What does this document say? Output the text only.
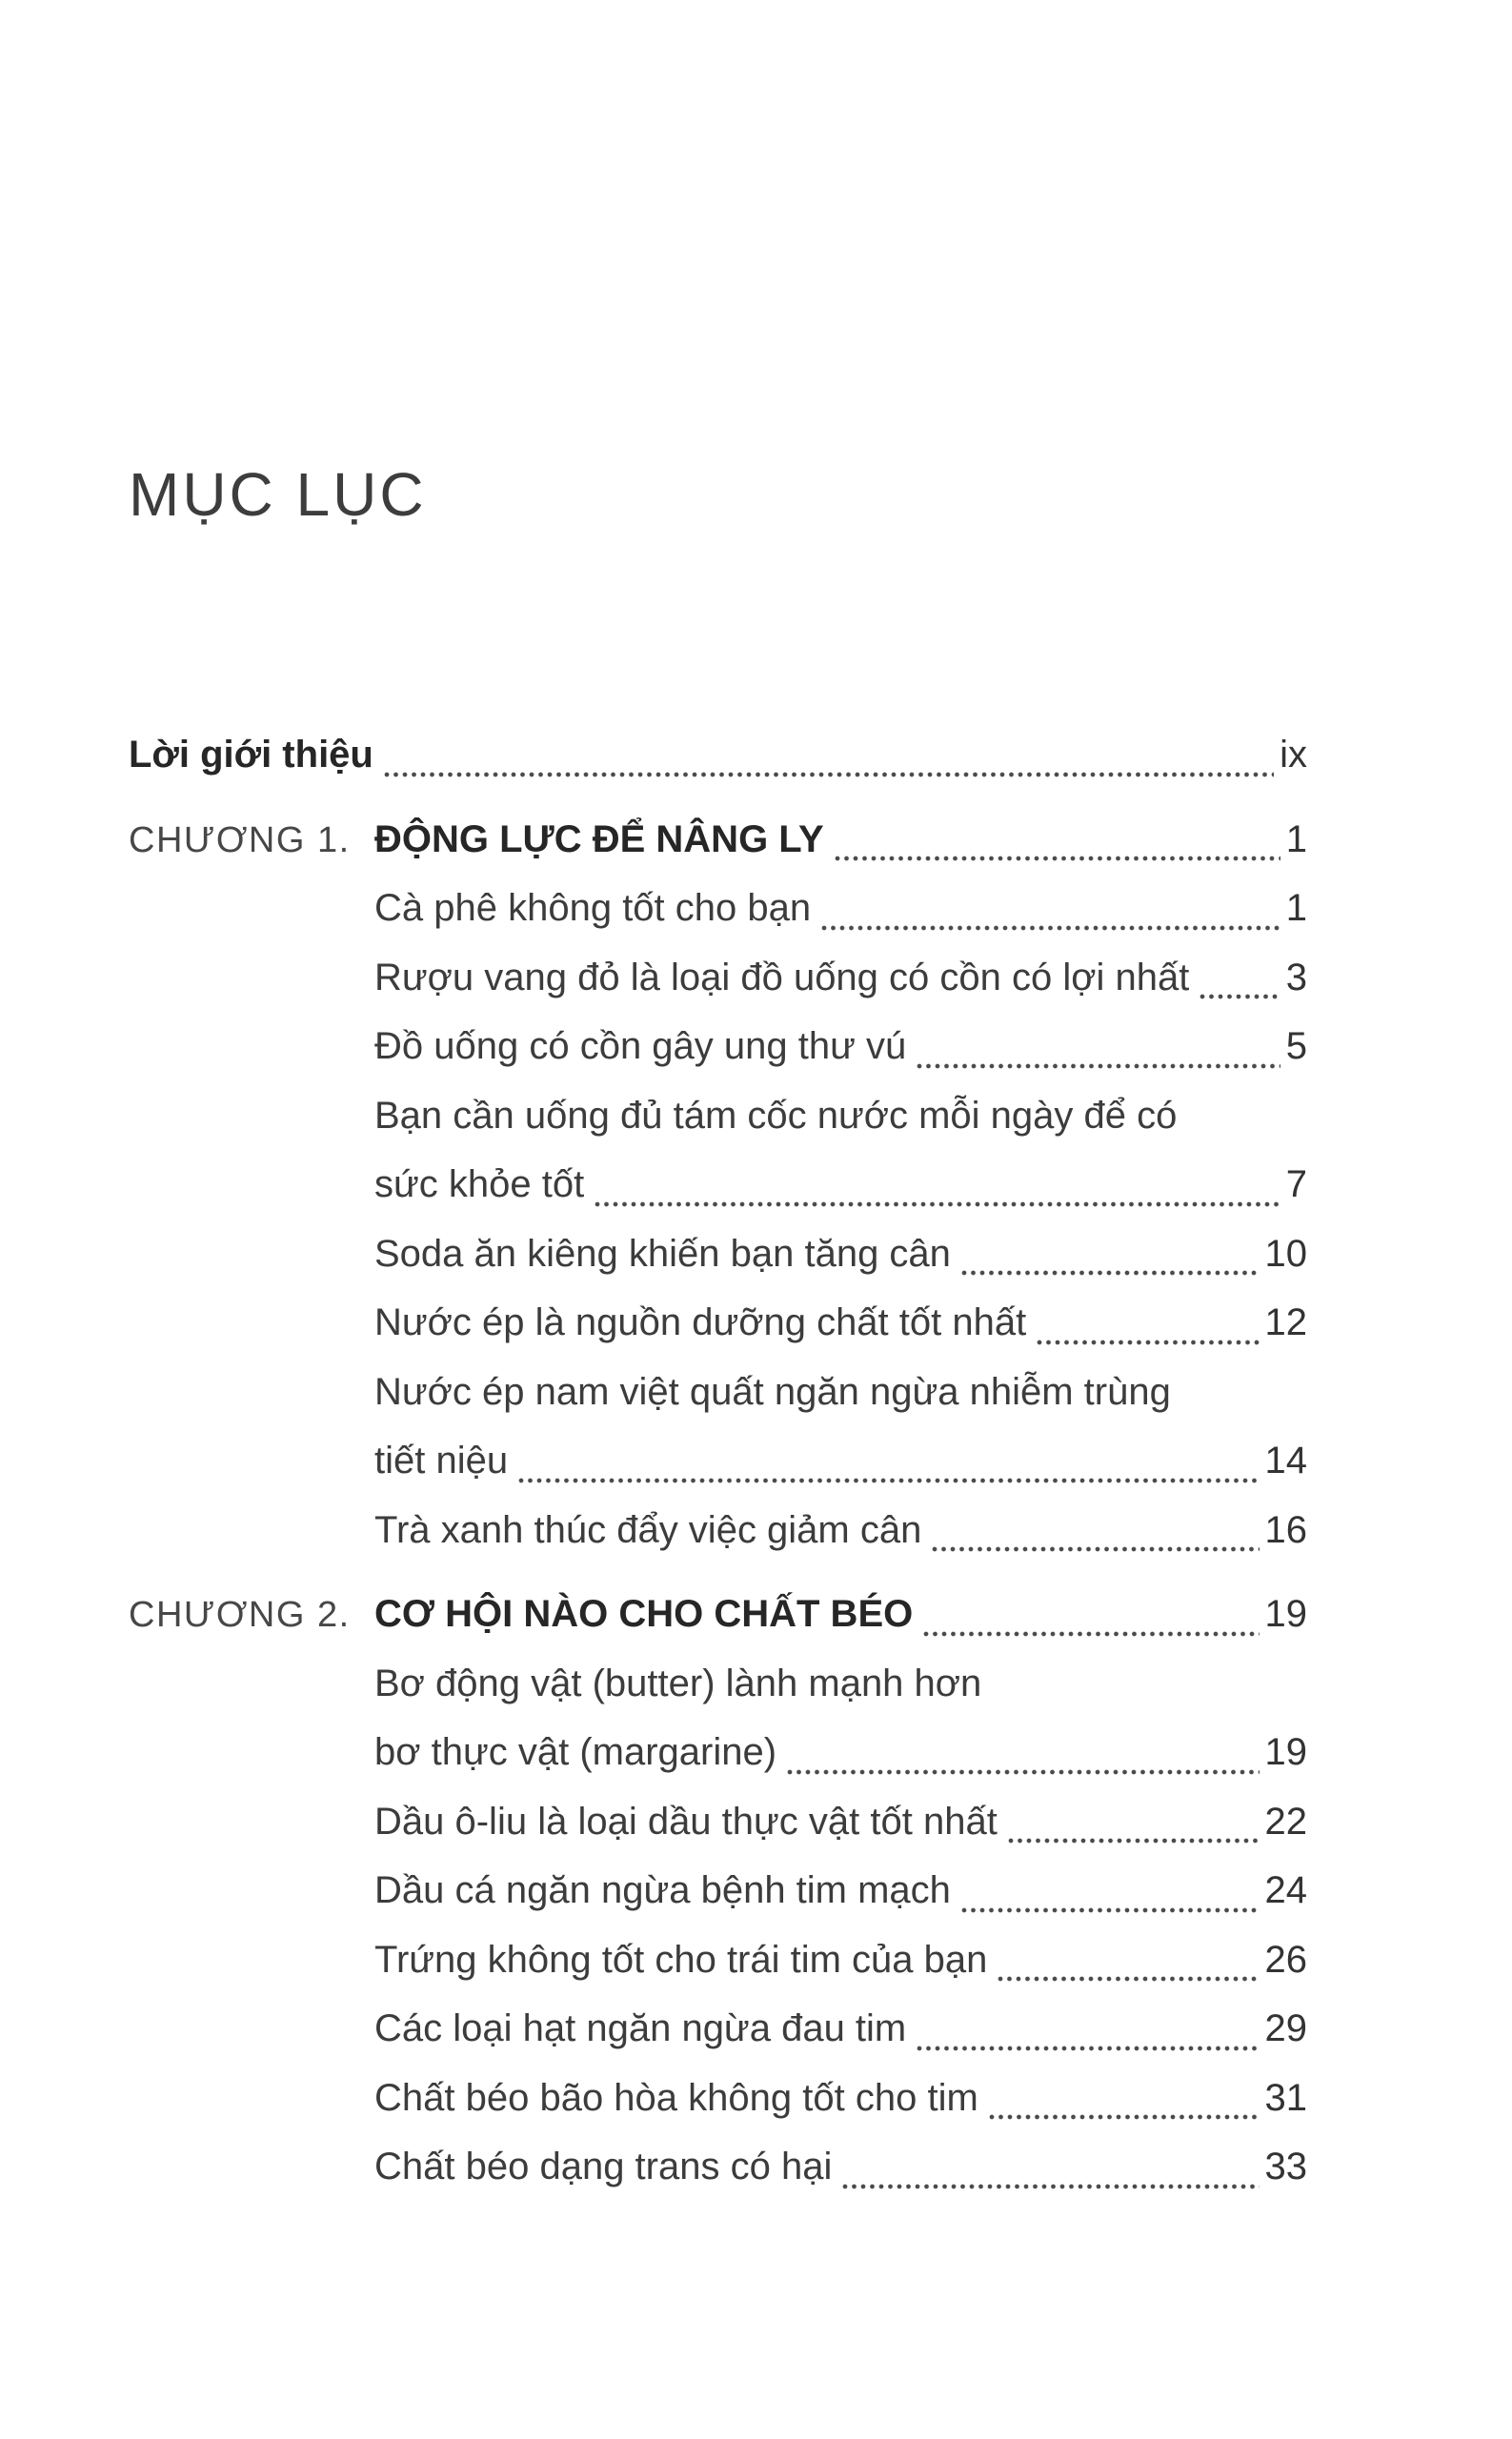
MỤC LỤC
Lời giới thiệu	ix
CHƯƠNG 1. ĐỘNG LỰC ĐỂ NÂNG LY	1
Cà phê không tốt cho bạn	1
Rượu vang đỏ là loại đồ uống có cồn có lợi nhất	3
Đồ uống có cồn gây ung thư vú	5
Bạn cần uống đủ tám cốc nước mỗi ngày để có
sức khỏe tốt	7
Soda ăn kiêng khiến bạn tăng cân	10
Nước ép là nguồn dưỡng chất tốt nhất	12
Nước ép nam việt quất ngăn ngừa nhiễm trùng
tiết niệu	14
Trà xanh thúc đẩy việc giảm cân	16
CHƯƠNG 2. CƠ HỘI NÀO CHO CHẤT BÉO	19
Bơ động vật (butter) lành mạnh hơn
bơ thực vật (margarine)	19
Dầu ô-liu là loại dầu thực vật tốt nhất	22
Dầu cá ngăn ngừa bệnh tim mạch	24
Trứng không tốt cho trái tim của bạn	26
Các loại hạt ngăn ngừa đau tim	29
Chất béo bão hòa không tốt cho tim	31
Chất béo dạng trans có hại	33
